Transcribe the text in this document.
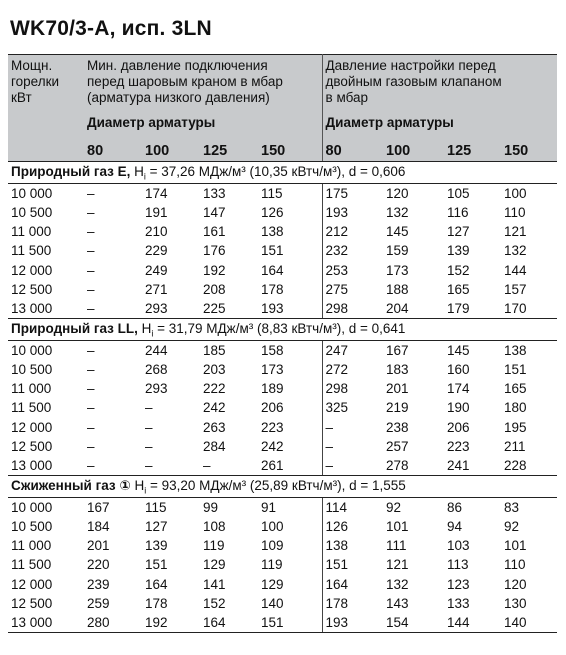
WK70/3-A, исп. 3LN
Мощн.
горелки
кВт	Мин. давление подключения
перед шаровым краном в мбар
(арматура низкого давления)				Давление настройки перед
двойным газовым клапаном
в мбар			
	Диаметр арматуры				Диаметр арматуры			
	80	100	125	150	80	100	125	150
Природный газ E, $H_i = 37,26$ МДж/м³ (10,35 кВтч/м³), d = 0,606								
10 000	–	174	133	115	175	120	105	100
10 500	–	191	147	126	193	132	116	110
11 000	–	210	161	138	212	145	127	121
11 500	–	229	176	151	232	159	139	132
12 000	–	249	192	164	253	173	152	144
12 500	–	271	208	178	275	188	165	157
13 000	–	293	225	193	298	204	179	170
Природный газ LL, $H_i = 31,79$ МДж/м³ (8,83 кВтч/м³), d = 0,641								
10 000	–	244	185	158	247	167	145	138
10 500	–	268	203	173	272	183	160	151
11 000	–	293	222	189	298	201	174	165
11 500	–	–	242	206	325	219	190	180
12 000	–	–	263	223	–	238	206	195
12 500	–	–	284	242	–	257	223	211
13 000	–	–	–	261	–	278	241	228
Сжиженный газ ① $H_i = 93,20$ МДж/м³ (25,89 кВтч/м³), d = 1,555								
10 000	167	115	99	91	114	92	86	83
10 500	184	127	108	100	126	101	94	92
11 000	201	139	119	109	138	111	103	101
11 500	220	151	129	119	151	121	113	110
12 000	239	164	141	129	164	132	123	120
12 500	259	178	152	140	178	143	133	130
13 000	280	192	164	151	193	154	144	140
